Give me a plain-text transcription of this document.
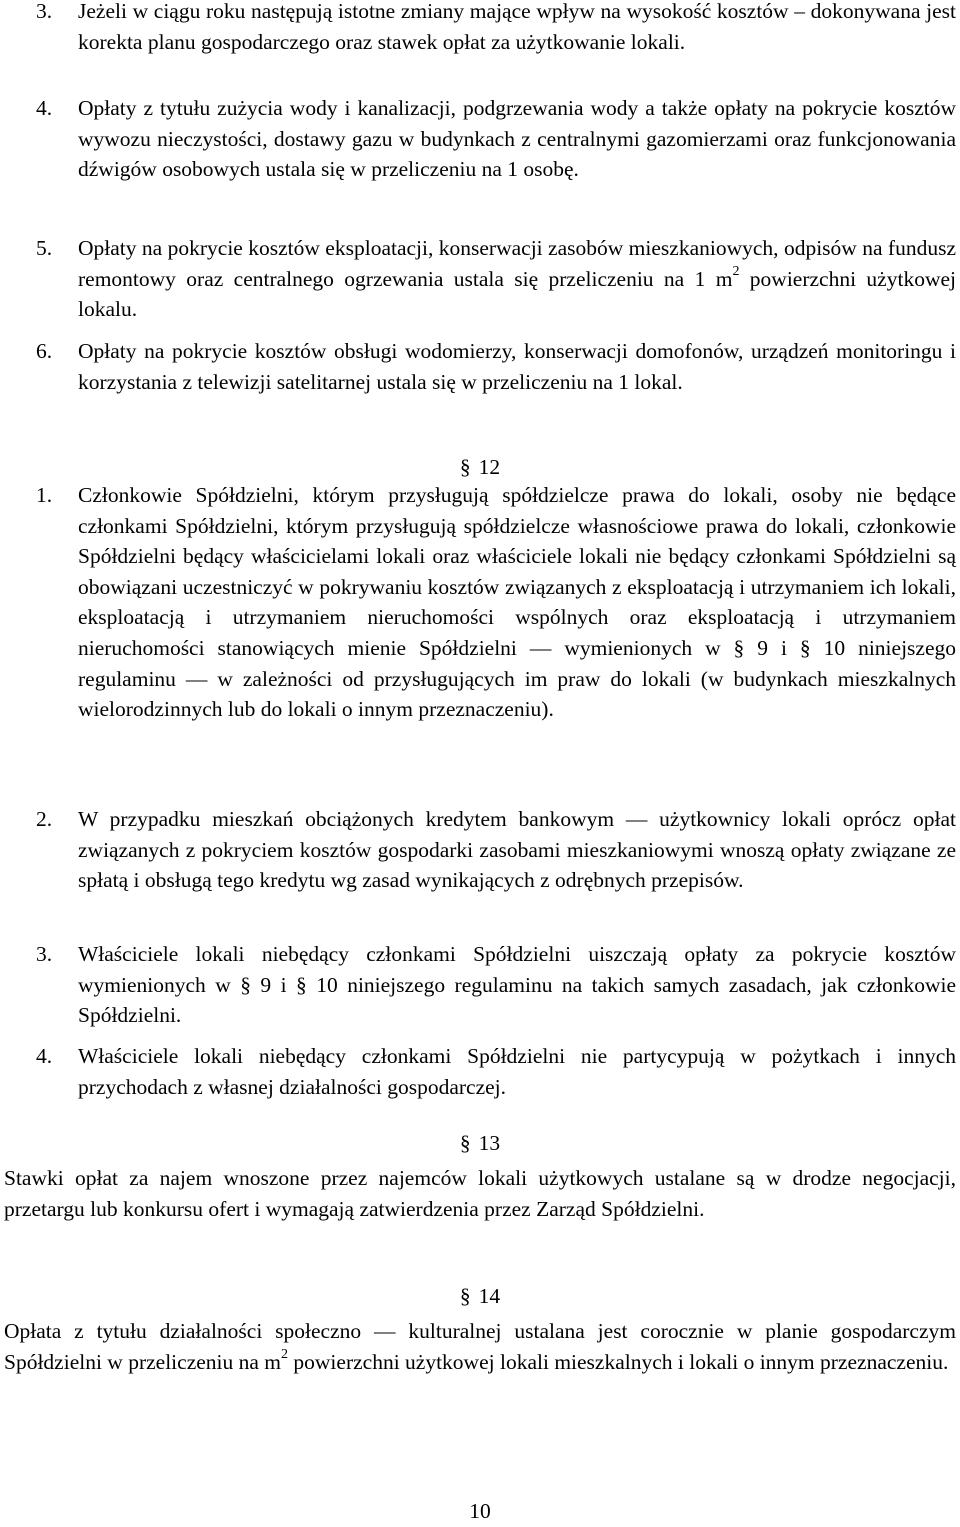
3. Jeżeli w ciągu roku następują istotne zmiany mające wpływ na wysokość kosztów – dokonywana jest korekta planu gospodarczego oraz stawek opłat za użytkowanie lokali.
4. Opłaty z tytułu zużycia wody i kanalizacji, podgrzewania wody a także opłaty na pokrycie kosztów wywozu nieczystości, dostawy gazu w budynkach z centralnymi gazomierzami oraz funkcjonowania dźwigów osobowych ustala się w przeliczeniu na 1 osobę.
5. Opłaty na pokrycie kosztów eksploatacji, konserwacji zasobów mieszkaniowych, odpisów na fundusz remontowy oraz centralnego ogrzewania ustala się przeliczeniu na 1 $m^2$ powierzchni użytkowej lokalu.
6. Opłaty na pokrycie kosztów obsługi wodomierzy, konserwacji domofonów, urządzeń monitoringu i korzystania z telewizji satelitarnej ustala się w przeliczeniu na 1 lokal.
§ 12
1. Członkowie Spółdzielni, którym przysługują spółdzielcze prawa do lokali, osoby nie będące członkami Spółdzielni, którym przysługują spółdzielcze własnościowe prawa do lokali, członkowie Spółdzielni będący właścicielami lokali oraz właściciele lokali nie będący członkami Spółdzielni są obowiązani uczestniczyć w pokrywaniu kosztów związanych z eksploatacją i utrzymaniem ich lokali, eksploatacją i utrzymaniem nieruchomości wspólnych oraz eksploatacją i utrzymaniem nieruchomości stanowiących mienie Spółdzielni — wymienionych w § 9 i § 10 niniejszego regulaminu — w zależności od przysługujących im praw do lokali (w budynkach mieszkalnych wielorodzinnych lub do lokali o innym przeznaczeniu).
2. W przypadku mieszkań obciążonych kredytem bankowym — użytkownicy lokali oprócz opłat związanych z pokryciem kosztów gospodarki zasobami mieszkaniowymi wnoszą opłaty związane ze spłatą i obsługą tego kredytu wg zasad wynikających z odrębnych przepisów.
3. Właściciele lokali niebędący członkami Spółdzielni uiszczają opłaty za pokrycie kosztów wymienionych w § 9 i § 10 niniejszego regulaminu na takich samych zasadach, jak członkowie Spółdzielni.
4. Właściciele lokali niebędący członkami Spółdzielni nie partycypują w pożytkach i innych przychodach z własnej działalności gospodarczej.
§ 13
Stawki opłat za najem wnoszone przez najemców lokali użytkowych ustalane są w drodze negocjacji, przetargu lub konkursu ofert i wymagają zatwierdzenia przez Zarząd Spółdzielni.
§ 14
Opłata z tytułu działalności społeczno — kulturalnej ustalana jest corocznie w planie gospodarczym Spółdzielni w przeliczeniu na $m^2$ powierzchni użytkowej lokali mieszkalnych i lokali o innym przeznaczeniu.
10
